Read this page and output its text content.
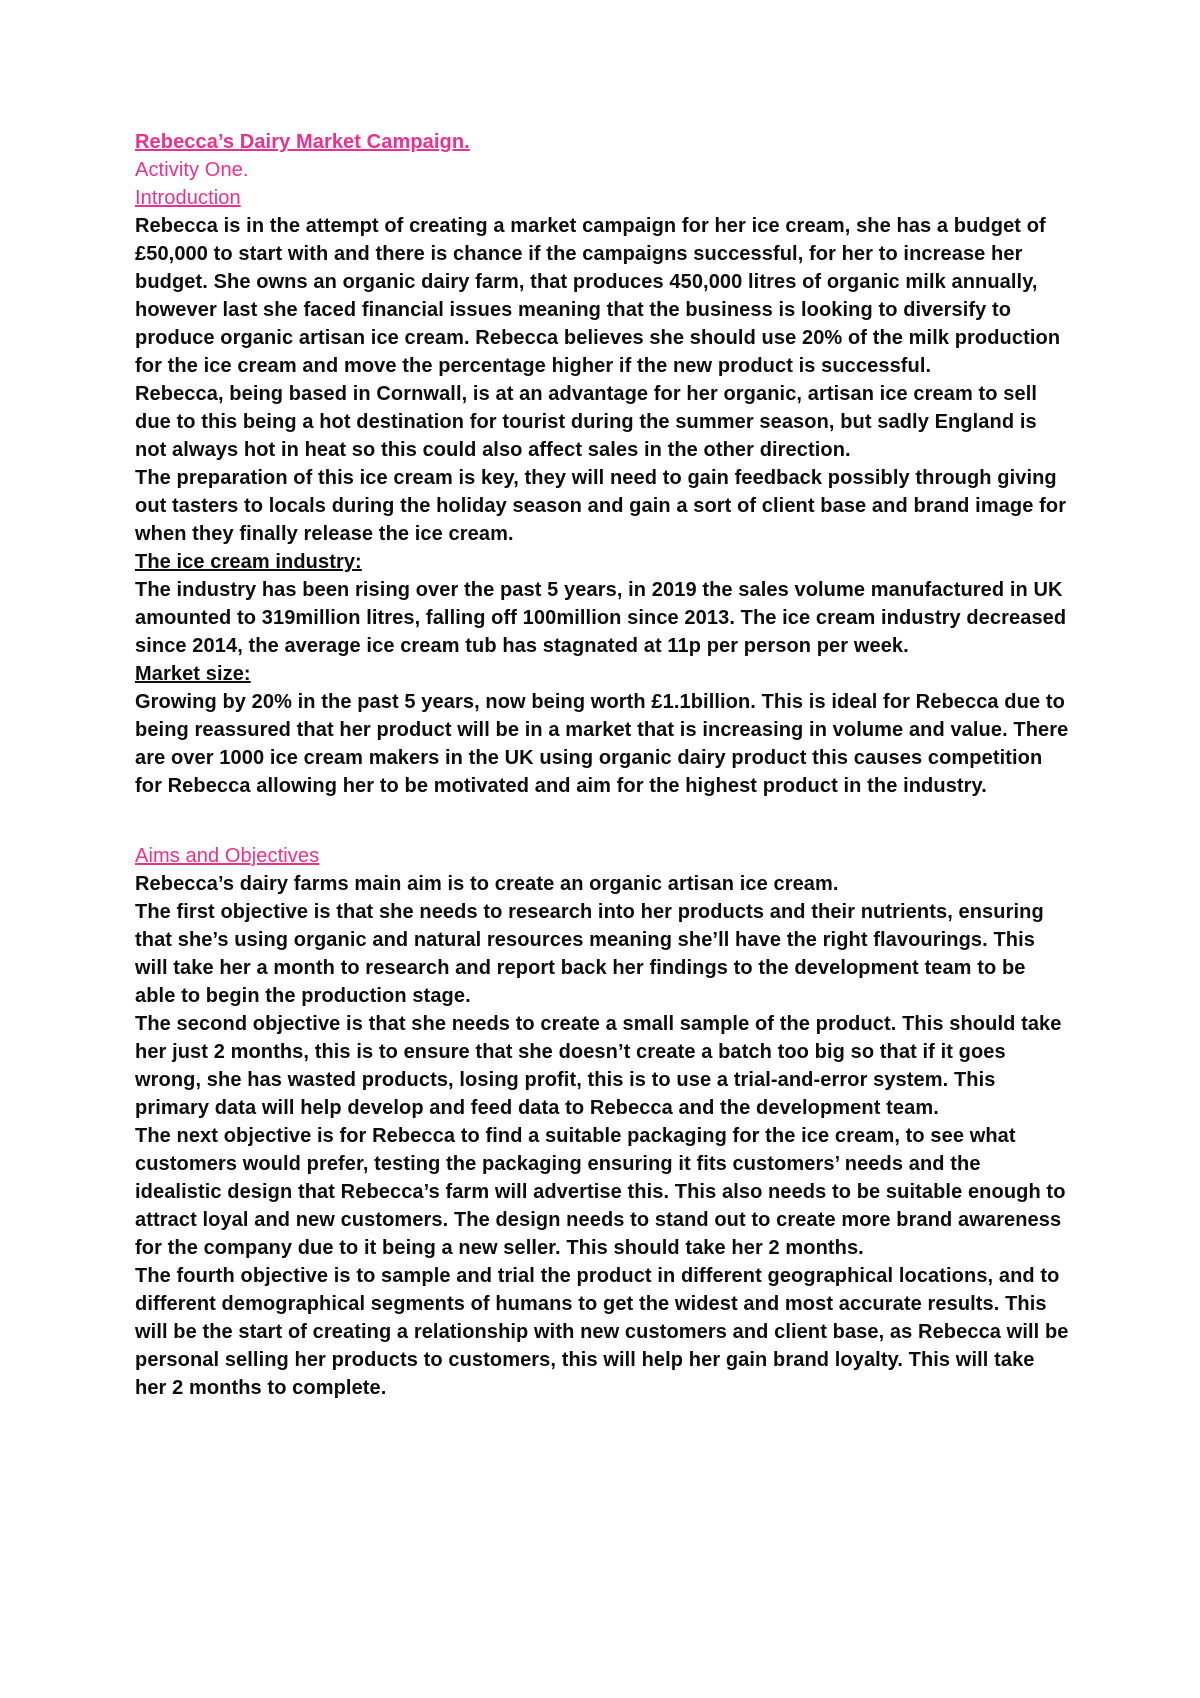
Rebecca’s Dairy Market Campaign.
Activity One.
Introduction
Rebecca is in the attempt of creating a market campaign for her ice cream, she has a budget of £50,000 to start with and there is chance if the campaigns successful, for her to increase her budget. She owns an organic dairy farm, that produces 450,000 litres of organic milk annually, however last she faced financial issues meaning that the business is looking to diversify to produce organic artisan ice cream. Rebecca believes she should use 20% of the milk production for the ice cream and move the percentage higher if the new product is successful.
Rebecca, being based in Cornwall, is at an advantage for her organic, artisan ice cream to sell due to this being a hot destination for tourist during the summer season, but sadly England is not always hot in heat so this could also affect sales in the other direction.
The preparation of this ice cream is key, they will need to gain feedback possibly through giving out tasters to locals during the holiday season and gain a sort of client base and brand image for when they finally release the ice cream.
The ice cream industry:
The industry has been rising over the past 5 years, in 2019 the sales volume manufactured in UK amounted to 319million litres, falling off 100million since 2013. The ice cream industry decreased since 2014, the average ice cream tub has stagnated at 11p per person per week.
Market size:
Growing by 20% in the past 5 years, now being worth £1.1billion. This is ideal for Rebecca due to being reassured that her product will be in a market that is increasing in volume and value. There are over 1000 ice cream makers in the UK using organic dairy product this causes competition for Rebecca allowing her to be motivated and aim for the highest product in the industry.
Aims and Objectives
Rebecca’s dairy farms main aim is to create an organic artisan ice cream.
The first objective is that she needs to research into her products and their nutrients, ensuring that she’s using organic and natural resources meaning she’ll have the right flavourings. This will take her a month to research and report back her findings to the development team to be able to begin the production stage.
The second objective is that she needs to create a small sample of the product. This should take her just 2 months, this is to ensure that she doesn’t create a batch too big so that if it goes wrong, she has wasted products, losing profit, this is to use a trial-and-error system. This primary data will help develop and feed data to Rebecca and the development team.
The next objective is for Rebecca to find a suitable packaging for the ice cream, to see what customers would prefer, testing the packaging ensuring it fits customers’ needs and the idealistic design that Rebecca’s farm will advertise this. This also needs to be suitable enough to attract loyal and new customers. The design needs to stand out to create more brand awareness for the company due to it being a new seller. This should take her 2 months.
The fourth objective is to sample and trial the product in different geographical locations, and to different demographical segments of humans to get the widest and most accurate results. This will be the start of creating a relationship with new customers and client base, as Rebecca will be personal selling her products to customers, this will help her gain brand loyalty. This will take her 2 months to complete.
